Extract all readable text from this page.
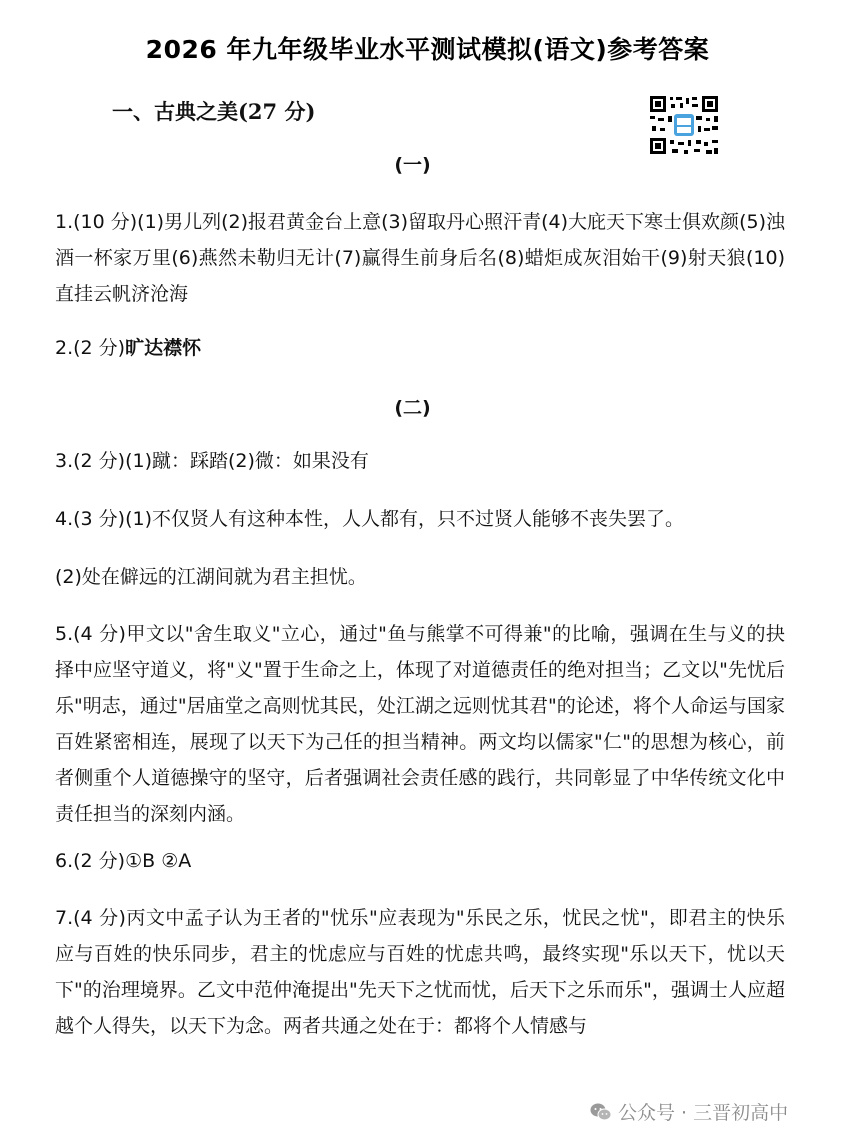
2026 年九年级毕业水平测试模拟(语文)参考答案
一、古典之美(27 分)
(一)
1.(10 分)(1)男儿列(2)报君黄金台上意(3)留取丹心照汗青(4)大庇天下寒士俱欢颜(5)浊酒一杯家万里(6)燕然未勒归无计(7)赢得生前身后名(8)蜡炬成灰泪始干(9)射天狼(10)直挂云帆济沧海
2.(2 分)旷达襟怀
(二)
3.(2 分)(1)蹴：踩踏(2)微：如果没有
4.(3 分)(1)不仅贤人有这种本性，人人都有，只不过贤人能够不丧失罢了。
(2)处在僻远的江湖间就为君主担忧。
5.(4 分)甲文以"舍生取义"立心，通过"鱼与熊掌不可得兼"的比喻，强调在生与义的抉择中应坚守道义，将"义"置于生命之上，体现了对道德责任的绝对担当；乙文以"先忧后乐"明志，通过"居庙堂之高则忧其民，处江湖之远则忧其君"的论述，将个人命运与国家百姓紧密相连，展现了以天下为己任的担当精神。两文均以儒家"仁"的思想为核心，前者侧重个人道德操守的坚守，后者强调社会责任感的践行，共同彰显了中华传统文化中责任担当的深刻内涵。
6.(2 分)①B ②A
7.(4 分)丙文中孟子认为王者的"忧乐"应表现为"乐民之乐，忧民之忧"，即君主的快乐应与百姓的快乐同步，君主的忧虑应与百姓的忧虑共鸣，最终实现"乐以天下，忧以天下"的治理境界。乙文中范仲淹提出"先天下之忧而忧，后天下之乐而乐"，强调士人应超越个人得失，以天下为念。两者共通之处在于：都将个人情感与
公众号 · 三晋初高中
